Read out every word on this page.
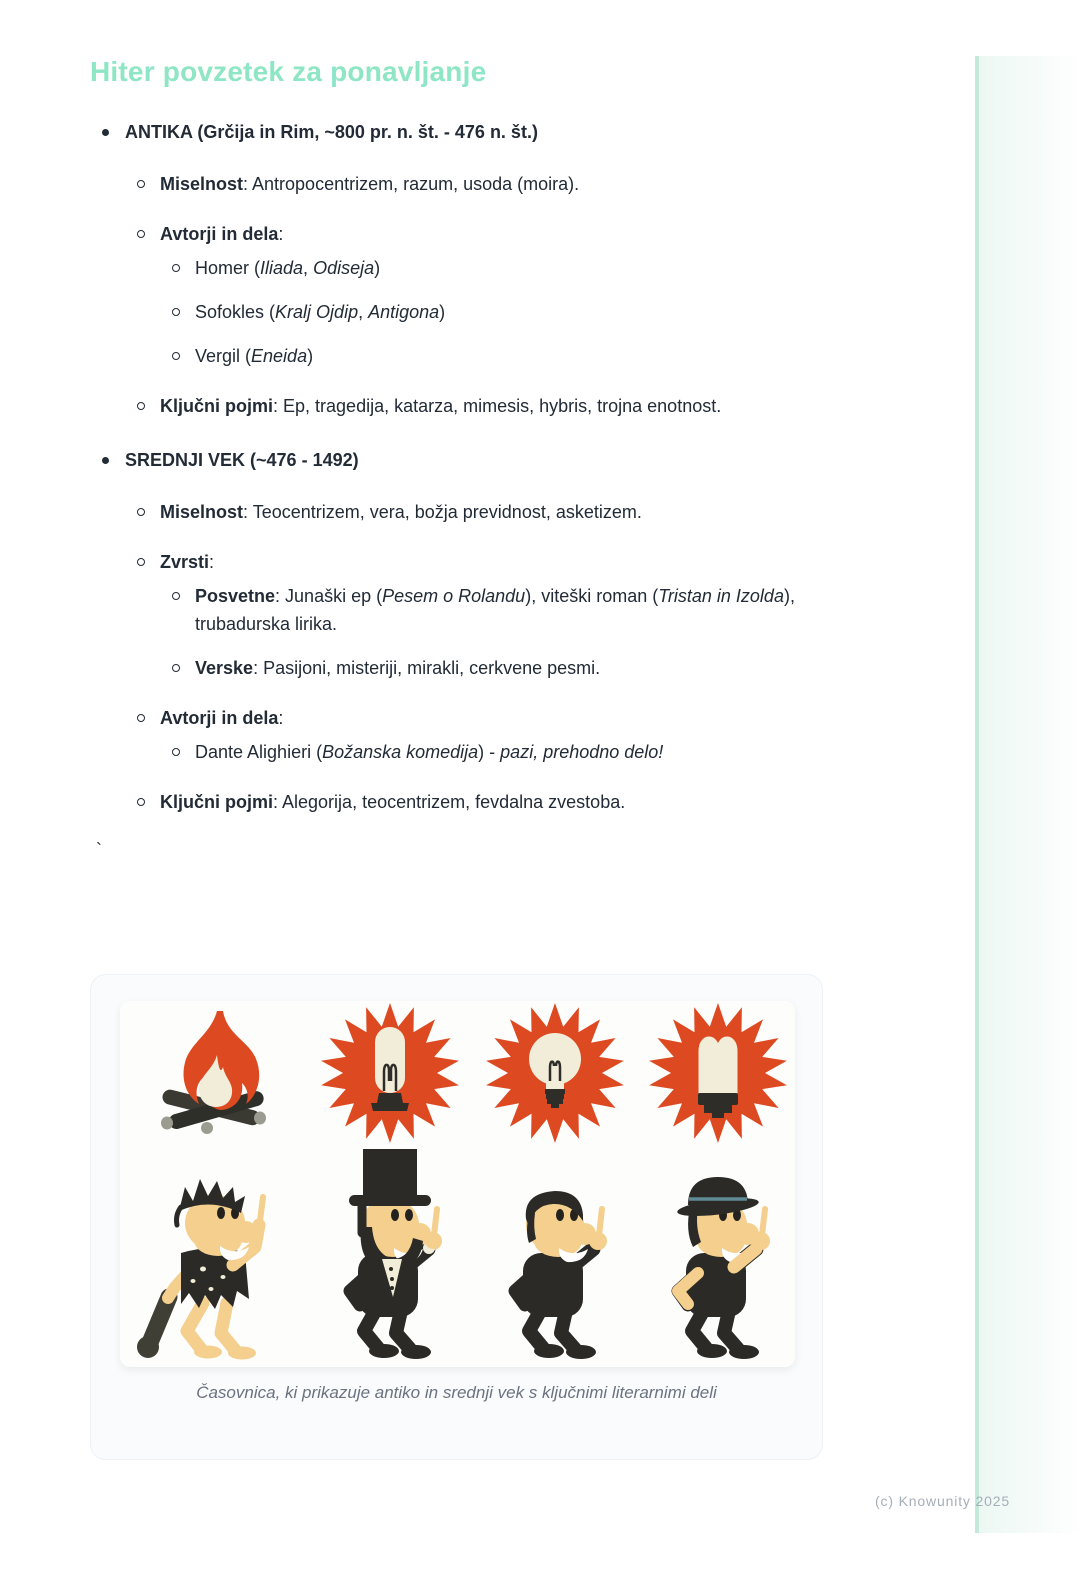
Hiter povzetek za ponavljanje
ANTIKA (Grčija in Rim, ~800 pr. n. št. - 476 n. št.)
Miselnost: Antropocentrizem, razum, usoda (moira).
Avtorji in dela:
Homer (Iliada, Odiseja)
Sofokles (Kralj Ojdip, Antigona)
Vergil (Eneida)
Ključni pojmi: Ep, tragedija, katarza, mimesis, hybris, trojna enotnost.
SREDNJI VEK (~476 - 1492)
Miselnost: Teocentrizem, vera, božja previdnost, asketizem.
Zvrsti:
Posvetne: Junaški ep (Pesem o Rolandu), viteški roman (Tristan in Izolda), trubadurska lirika.
Verske: Pasijoni, misteriji, mirakli, cerkvene pesmi.
Avtorji in dela:
Dante Alighieri (Božanska komedija) - pazi, prehodno delo!
Ključni pojmi: Alegorija, teocentrizem, fevdalna zvestoba.
`
Časovnica, ki prikazuje antiko in srednji vek s ključnimi literarnimi deli
(c) Knowunity 2025
